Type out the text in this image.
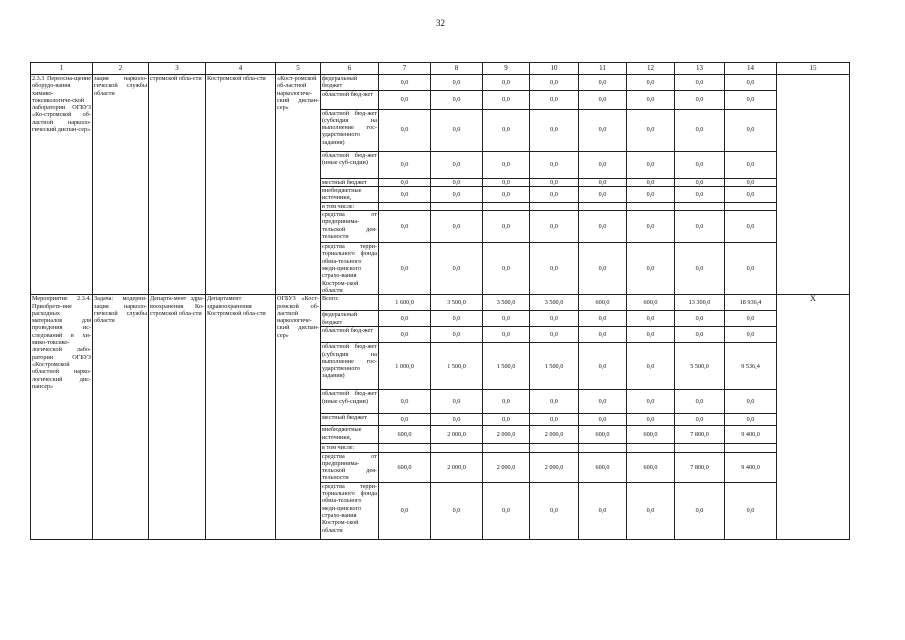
32
1	2	3	4	5	6	7	8	9	10	11	12	13	14	15
2.3.3 Переосна-щение оборудо-вания химико-токсикологиче-ской лаборатории ОГБУЗ «Ко-стромской об-ластной нарколо-гический диспан-сер»	зация нарколо-гической службы области	стромской обла-сти	Костромской обла-сти	«Кост-ромской об-ластной наркологиче-ский диспан-сер»	федеральный бюджет	0,0	0,0	0,0	0,0	0,0	0,0	0,0	0,0	
					областной бюд-жет	0,0	0,0	0,0	0,0	0,0	0,0	0,0	0,0	
					областной бюд-жет (субсидия на выполнение гос-ударственного задания)	0,0	0,0	0,0	0,0	0,0	0,0	0,0	0,0	
					областной бюд-жет (иные суб-сидии)	0,0	0,0	0,0	0,0	0,0	0,0	0,0	0,0	
					местный бюджет	0,0	0,0	0,0	0,0	0,0	0,0	0,0	0,0	
					внебюджетные источники,	0,0	0,0	0,0	0,0	0,0	0,0	0,0	0,0	
					в том числе:									
					средства от предпринима-тельской дея-тельности	0,0	0,0	0,0	0,0	0,0	0,0	0,0	0,0	
					средства терри-ториального фонда обяза-тельного меди-цинского страхо-вания Костром-ской области	0,0	0,0	0,0	0,0	0,0	0,0	0,0	0,0	
Мероприятие 2.3.4. Приобрете-ние расходных материалов для проведения ис-следований в хи-мико-токсико-логической лабо-ратории ОГБУЗ «Костромской областной нарко-логический дис-пансер»	Задача: модерни-зация нарколо-гической службы области	Департа-мент здра-воохранения Ко-стромской обла-сти	Департамент здравоохранения Костромской обла-сти	ОГБУЗ «Кост-ромской об-ластной наркологиче-ский диспан-сер»	Всего:	1 600,0	3 500,0	3 500,0	3 500,0	600,0	600,0	13 300,0	18 936,4	Х
					федеральный бюджет	0,0	0,0	0,0	0,0	0,0	0,0	0,0	0,0	
					областной бюд-жет	0,0	0,0	0,0	0,0	0,0	0,0	0,0	0,0	
					областной бюд-жет (субсидия на выполнение гос-ударственного задания)	1 000,0	1 500,0	1 500,0	1 500,0	0,0	0,0	5 500,0	9 536,4	
					областной бюд-жет (иные суб-сидии)	0,0	0,0	0,0	0,0	0,0	0,0	0,0	0,0	
					местный бюджет	0,0	0,0	0,0	0,0	0,0	0,0	0,0	0,0	
					внебюджетные источники,	600,0	2 000,0	2 000,0	2 000,0	600,0	600,0	7 800,0	9 400,0	
					в том числе:									
					средства от предпринима-тельской дея-тельности	600,0	2 000,0	2 000,0	2 000,0	600,0	600,0	7 800,0	9 400,0	
					средства терри-ториального фонда обяза-тельного меди-цинского страхо-вания Костром-ской области	0,0	0,0	0,0	0,0	0,0	0,0	0,0	0,0	
